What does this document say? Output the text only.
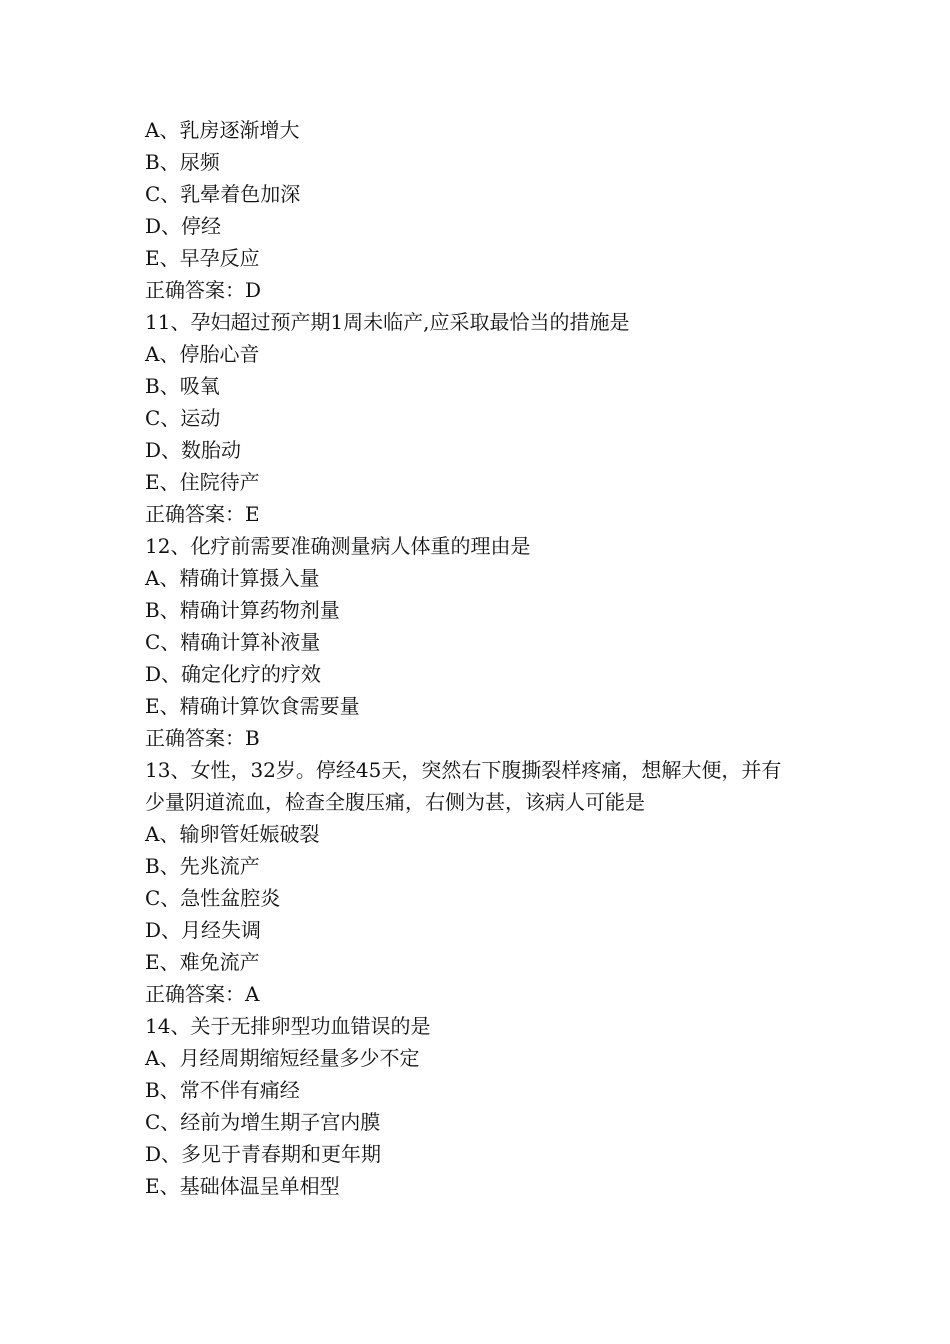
A、乳房逐渐增大
B、尿频
C、乳晕着色加深
D、停经
E、早孕反应
正确答案：D
11、孕妇超过预产期1周未临产,应采取最恰当的措施是
A、停胎心音
B、吸氧
C、运动
D、数胎动
E、住院待产
正确答案：E
12、化疗前需要准确测量病人体重的理由是
A、精确计算摄入量
B、精确计算药物剂量
C、精确计算补液量
D、确定化疗的疗效
E、精确计算饮食需要量
正确答案：B
13、女性，32岁。停经45天，突然右下腹撕裂样疼痛，想解大便，并有
少量阴道流血，检查全腹压痛，右侧为甚，该病人可能是
A、输卵管妊娠破裂
B、先兆流产
C、急性盆腔炎
D、月经失调
E、难免流产
正确答案：A
14、关于无排卵型功血错误的是
A、月经周期缩短经量多少不定
B、常不伴有痛经
C、经前为增生期子宫内膜
D、多见于青春期和更年期
E、基础体温呈单相型
